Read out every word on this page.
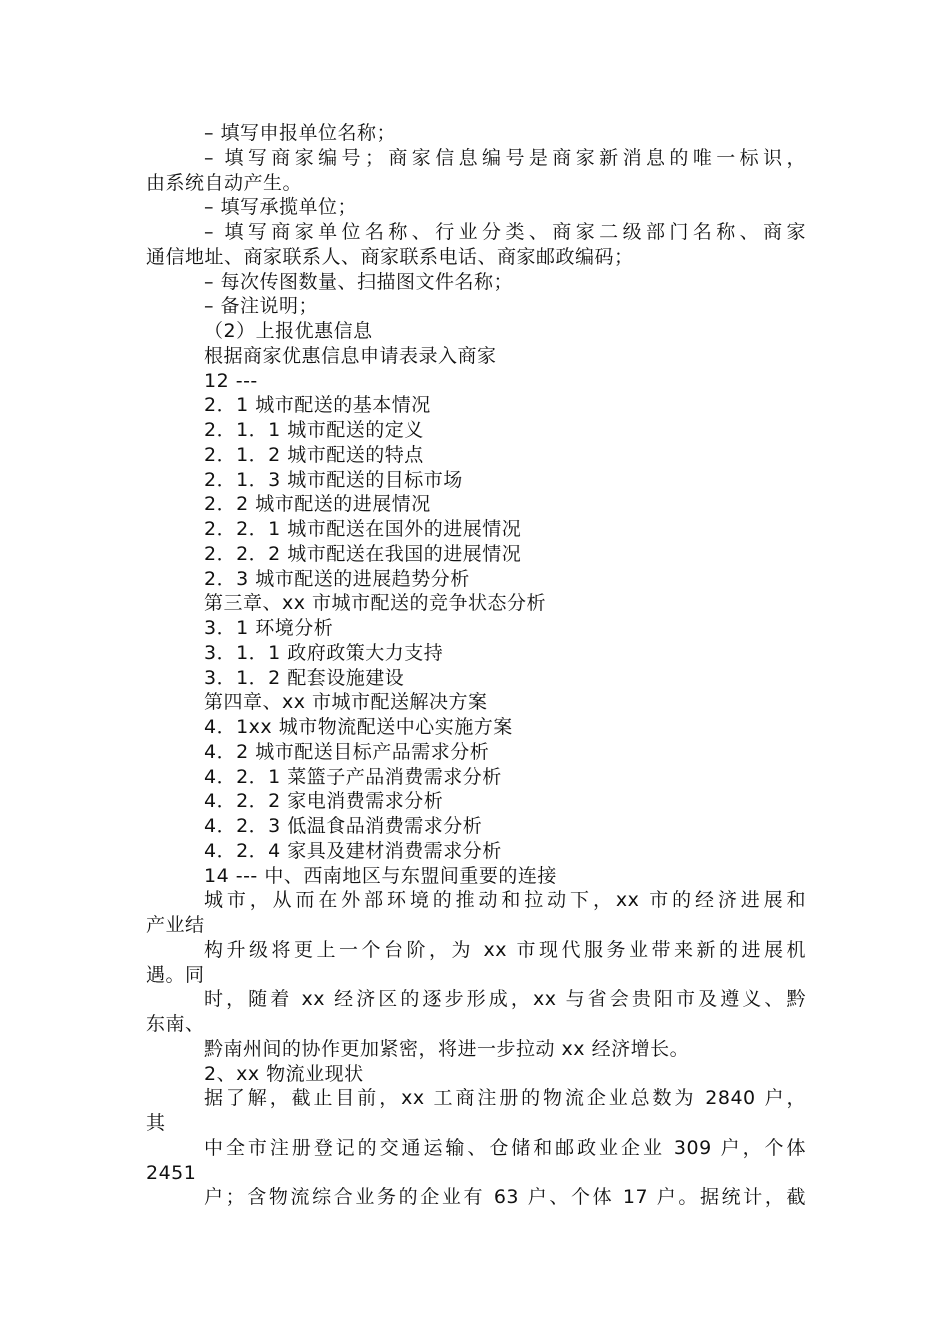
– 填写申报单位名称；
– 填写商家编号；商家信息编号是商家新消息的唯一标识，
由系统自动产生。
– 填写承揽单位；
– 填写商家单位名称、行业分类、商家二级部门名称、商家
通信地址、商家联系人、商家联系电话、商家邮政编码；
– 每次传图数量、扫描图文件名称；
– 备注说明；
（2）上报优惠信息
根据商家优惠信息申请表录入商家
12 ---
2．1 城市配送的基本情况
2．1．1 城市配送的定义
2．1．2 城市配送的特点
2．1．3 城市配送的目标市场
2．2 城市配送的进展情况
2．2．1 城市配送在国外的进展情况
2．2．2 城市配送在我国的进展情况
2．3 城市配送的进展趋势分析
第三章、xx 市城市配送的竞争状态分析
3．1 环境分析
3．1．1 政府政策大力支持
3．1．2 配套设施建设
第四章、xx 市城市配送解决方案
4．1xx 城市物流配送中心实施方案
4．2 城市配送目标产品需求分析
4．2．1 菜篮子产品消费需求分析
4．2．2 家电消费需求分析
4．2．3 低温食品消费需求分析
4．2．4 家具及建材消费需求分析
14 --- 中、西南地区与东盟间重要的连接
城市，从而在外部环境的推动和拉动下，xx 市的经济进展和
产业结
构升级将更上一个台阶，为 xx 市现代服务业带来新的进展机
遇。同
时，随着 xx 经济区的逐步形成，xx 与省会贵阳市及遵义、黔
东南、
黔南州间的协作更加紧密，将进一步拉动 xx 经济增长。
2、xx 物流业现状
据了解，截止目前，xx 工商注册的物流企业总数为 2840 户，
其
中全市注册登记的交通运输、仓储和邮政业企业 309 户，个体
2451
户；含物流综合业务的企业有 63 户、个体 17 户。据统计，截
